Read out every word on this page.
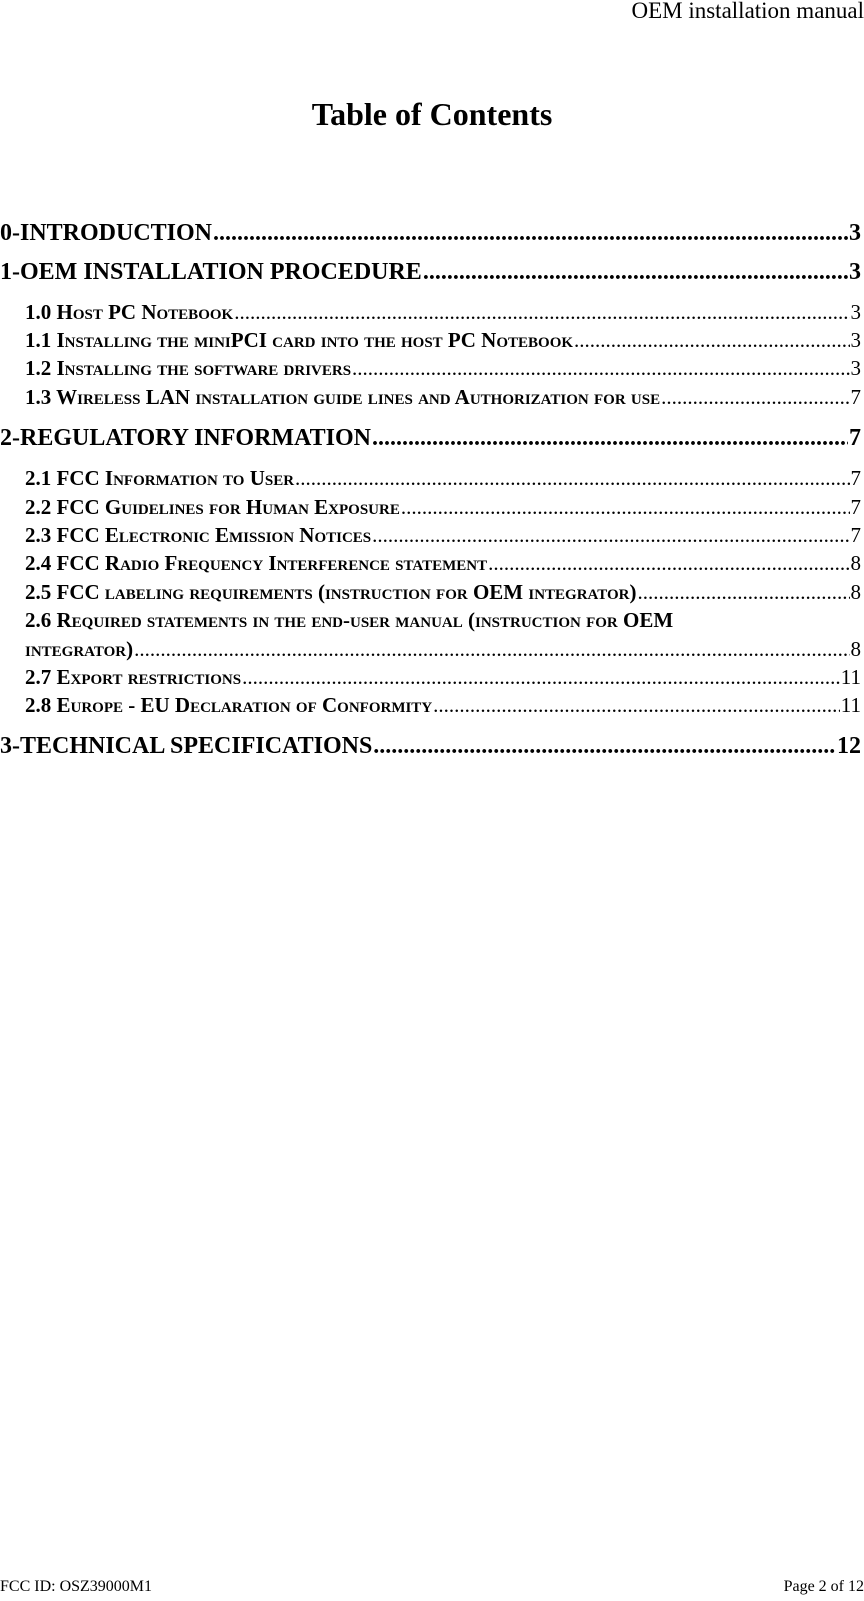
OEM installation manual
Table of Contents
0-INTRODUCTION .....	3
1-OEM INSTALLATION PROCEDURE .....	3
1.0 Host PC Notebook .....	3
1.1 Installing the miniPCI card into the host PC Notebook .....	3
1.2 Installing the software drivers .....	3
1.3 Wireless LAN installation guide lines and Authorization for use .....	7
2-REGULATORY INFORMATION .....	7
2.1 FCC Information to User .....	7
2.2 FCC Guidelines for Human Exposure .....	7
2.3 FCC Electronic Emission Notices .....	7
2.4 FCC Radio Frequency Interference statement .....	8
2.5 FCC labeling requirements (instruction for OEM integrator) .....	8
2.6 Required statements in the end-user manual (instruction for OEM
integrator) .....	8
2.7 Export restrictions .....	11
2.8 Europe - EU Declaration of Conformity .....	11
3-TECHNICAL SPECIFICATIONS .....	12
FCC ID: OSZ39000M1	Page 2 of 12
